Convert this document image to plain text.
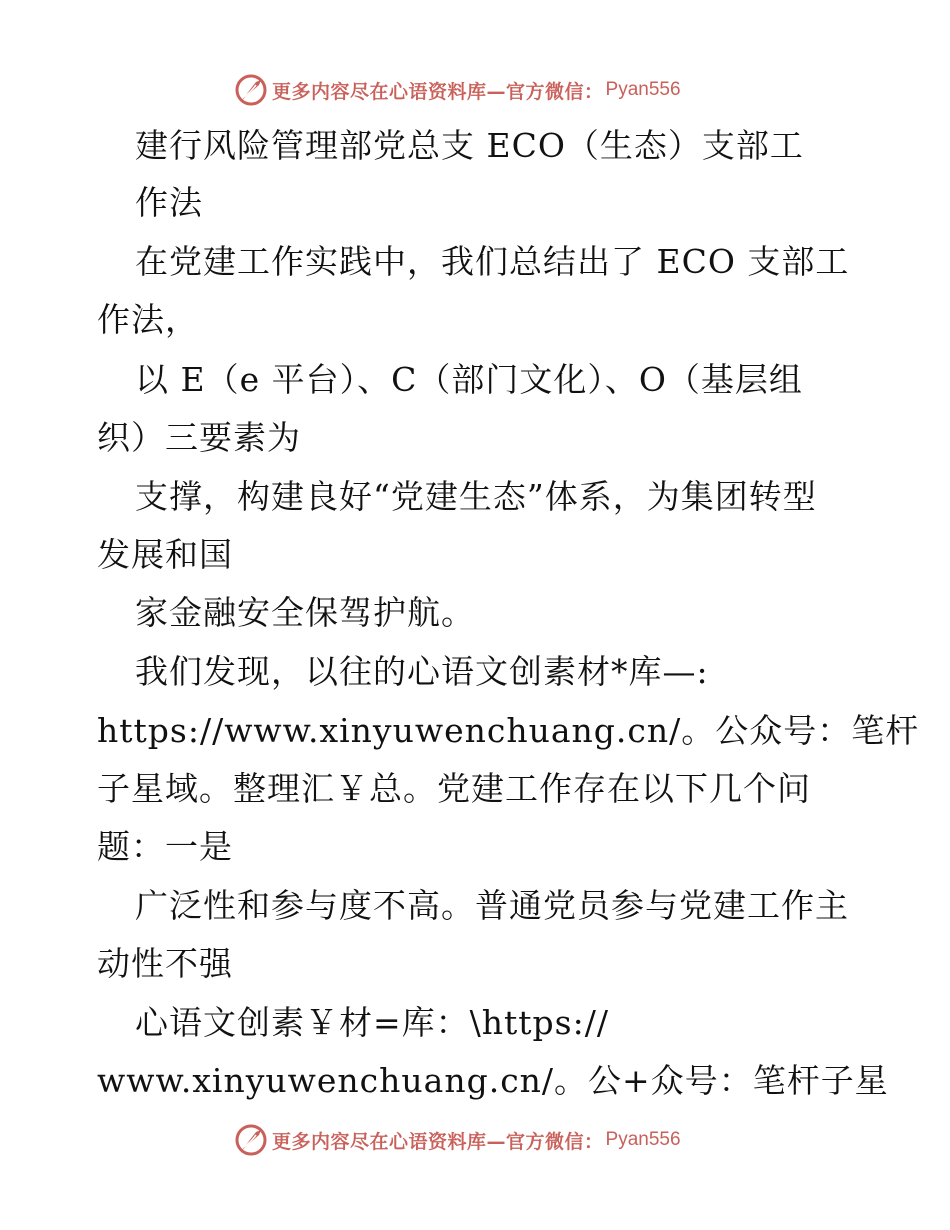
更多内容尽在心语资料库—官方微信： Pyan556
建行风险管理部党总支 ECO（生态）支部工
作法
在党建工作实践中，我们总结出了 ECO 支部工
作法，
以 E（e 平台）、C（部门文化）、O（基层组
织）三要素为
支撑，构建良好“党建生态”体系，为集团转型
发展和国
家金融安全保驾护航。
我们发现，以往的心语文创素材*库—:
https://www.xinyuwenchuang.cn/。公众号：笔杆
子星域。整理汇￥总。党建工作存在以下几个问
题：一是
广泛性和参与度不高。普通党员参与党建工作主
动性不强
心语文创素￥材=库：\https://
www.xinyuwenchuang.cn/。公+众号：笔杆子星
更多内容尽在心语资料库—官方微信： Pyan556
